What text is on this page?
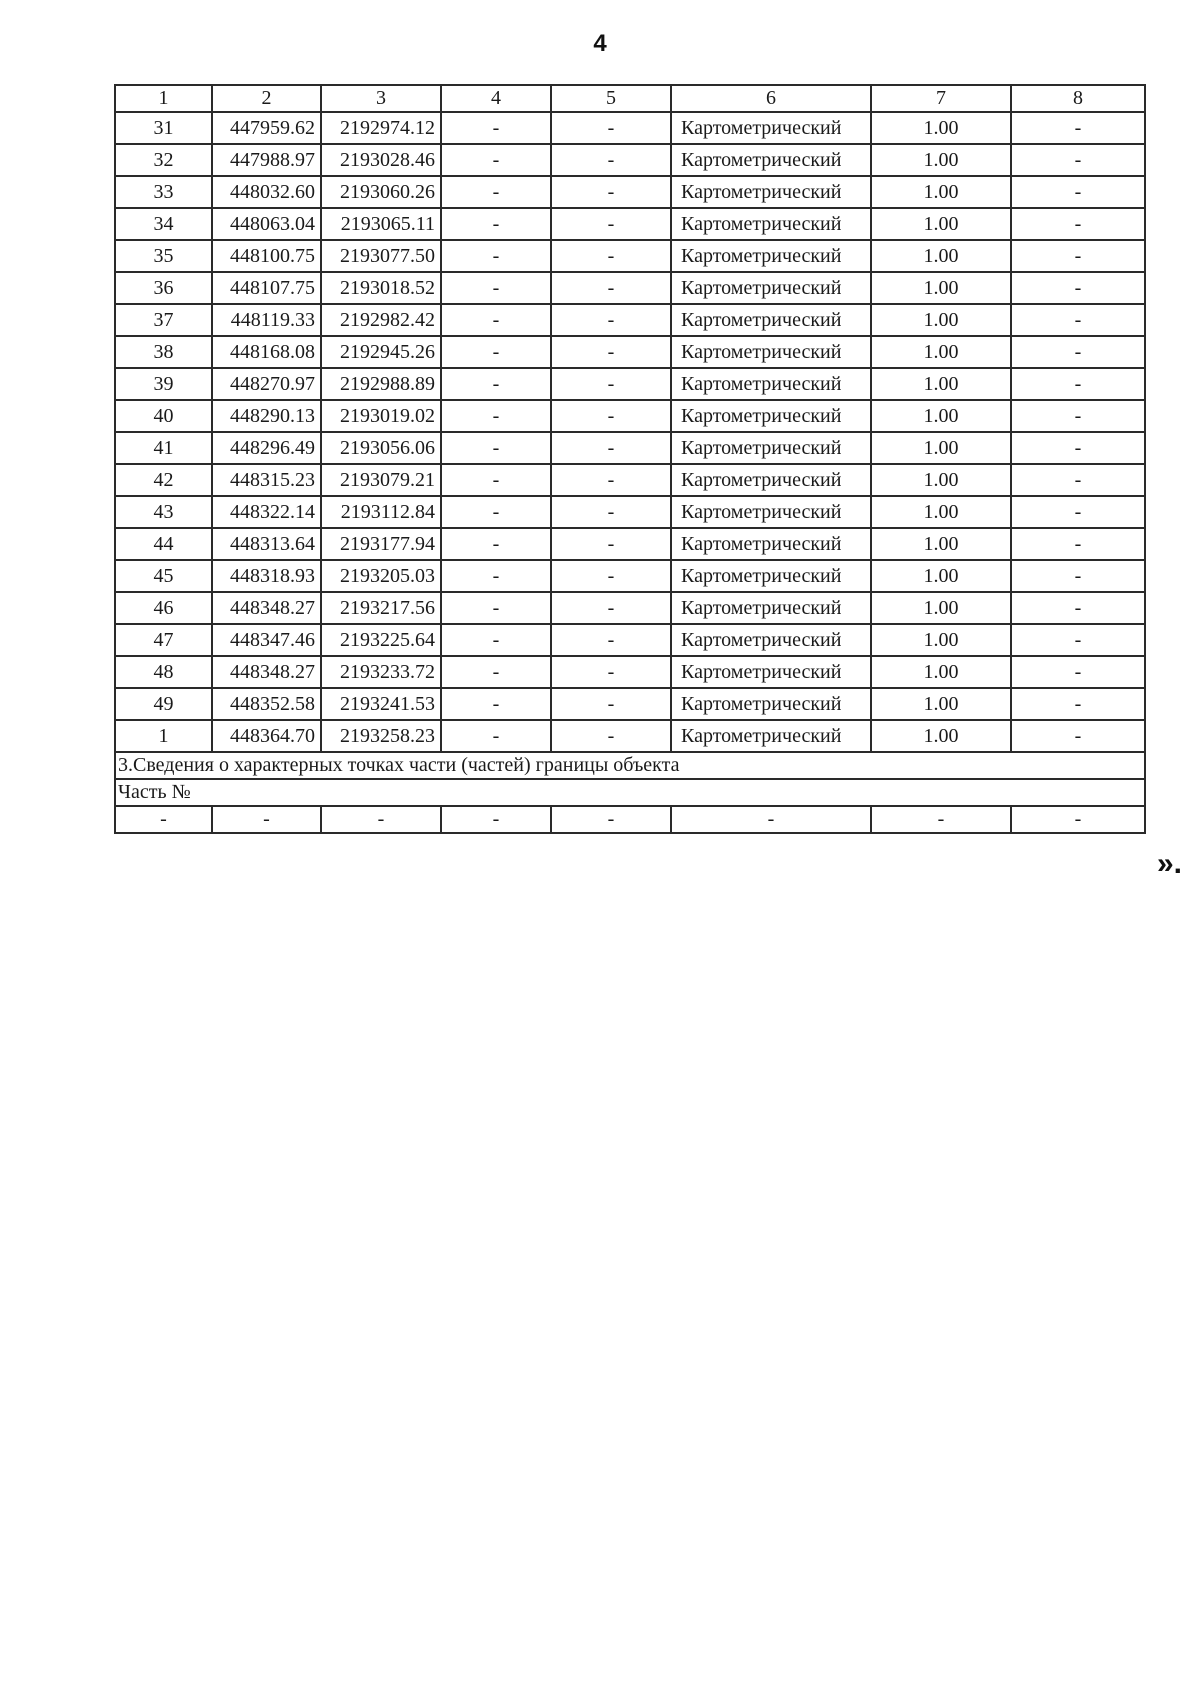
4
1	2	3	4	5	6	7	8
31	447959.62	2192974.12	-	-	Картометрический	1.00	-
32	447988.97	2193028.46	-	-	Картометрический	1.00	-
33	448032.60	2193060.26	-	-	Картометрический	1.00	-
34	448063.04	2193065.11	-	-	Картометрический	1.00	-
35	448100.75	2193077.50	-	-	Картометрический	1.00	-
36	448107.75	2193018.52	-	-	Картометрический	1.00	-
37	448119.33	2192982.42	-	-	Картометрический	1.00	-
38	448168.08	2192945.26	-	-	Картометрический	1.00	-
39	448270.97	2192988.89	-	-	Картометрический	1.00	-
40	448290.13	2193019.02	-	-	Картометрический	1.00	-
41	448296.49	2193056.06	-	-	Картометрический	1.00	-
42	448315.23	2193079.21	-	-	Картометрический	1.00	-
43	448322.14	2193112.84	-	-	Картометрический	1.00	-
44	448313.64	2193177.94	-	-	Картометрический	1.00	-
45	448318.93	2193205.03	-	-	Картометрический	1.00	-
46	448348.27	2193217.56	-	-	Картометрический	1.00	-
47	448347.46	2193225.64	-	-	Картометрический	1.00	-
48	448348.27	2193233.72	-	-	Картометрический	1.00	-
49	448352.58	2193241.53	-	-	Картометрический	1.00	-
1	448364.70	2193258.23	-	-	Картометрический	1.00	-
3.Сведения о характерных точках части (частей) границы объекта							
Часть №							
-	-	-	-	-	-	-	-
».
